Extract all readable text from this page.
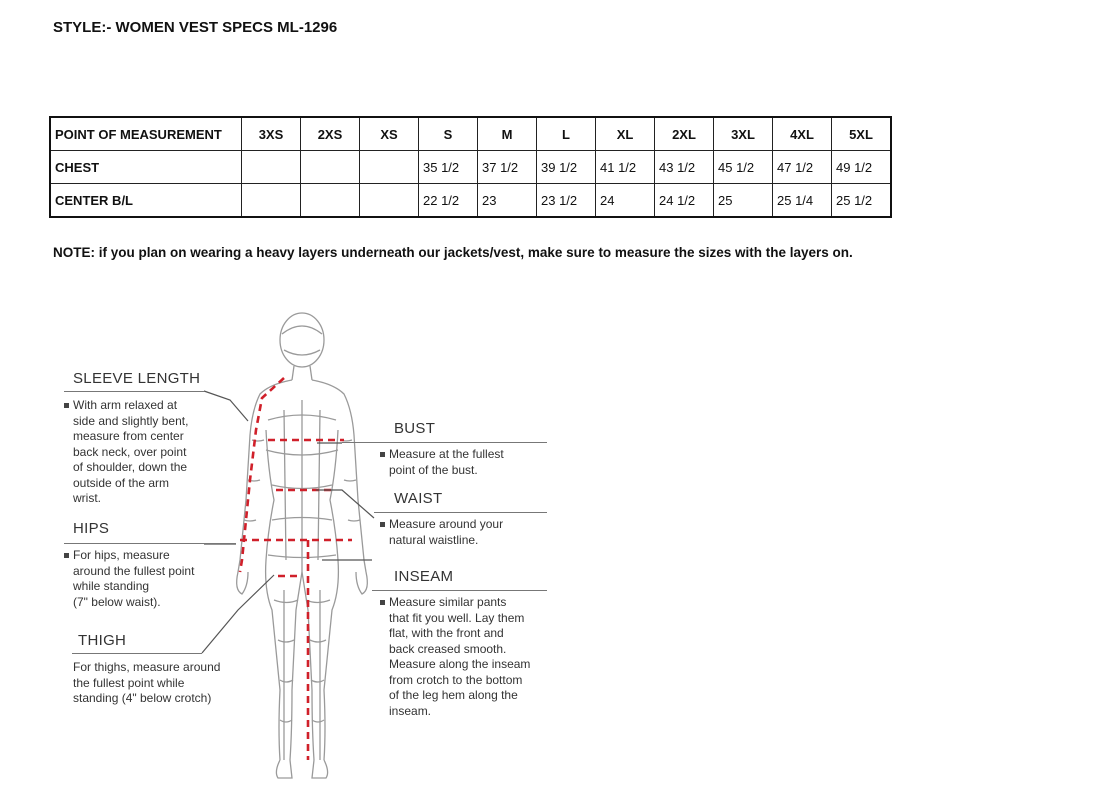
STYLE:- WOMEN VEST SPECS ML-1296
POINT OF MEASUREMENT	3XS	2XS	XS	S	M	L	XL	2XL	3XL	4XL	5XL
CHEST				35 1/2	37 1/2	39 1/2	41 1/2	43 1/2	45 1/2	47 1/2	49 1/2
CENTER B/L				22 1/2	23	23 1/2	24	24 1/2	25	25 1/4	25 1/2
NOTE: if you plan on wearing a heavy layers underneath our jackets/vest, make sure to measure the sizes with the layers on.
SLEEVE LENGTH
With arm relaxed at
side and slightly bent,
measure from center
back neck, over point
of shoulder, down the
outside of the arm
wrist.
HIPS
For hips, measure
around the fullest point
while standing
(7" below waist).
THIGH
For thighs, measure around
the fullest point while
standing (4" below crotch)
BUST
Measure at the fullest
point of the bust.
WAIST
Measure around your
natural waistline.
INSEAM
Measure similar pants
that fit you well. Lay them
flat, with the front and
back creased smooth.
Measure along the inseam
from crotch to the bottom
of the leg hem along the
inseam.
